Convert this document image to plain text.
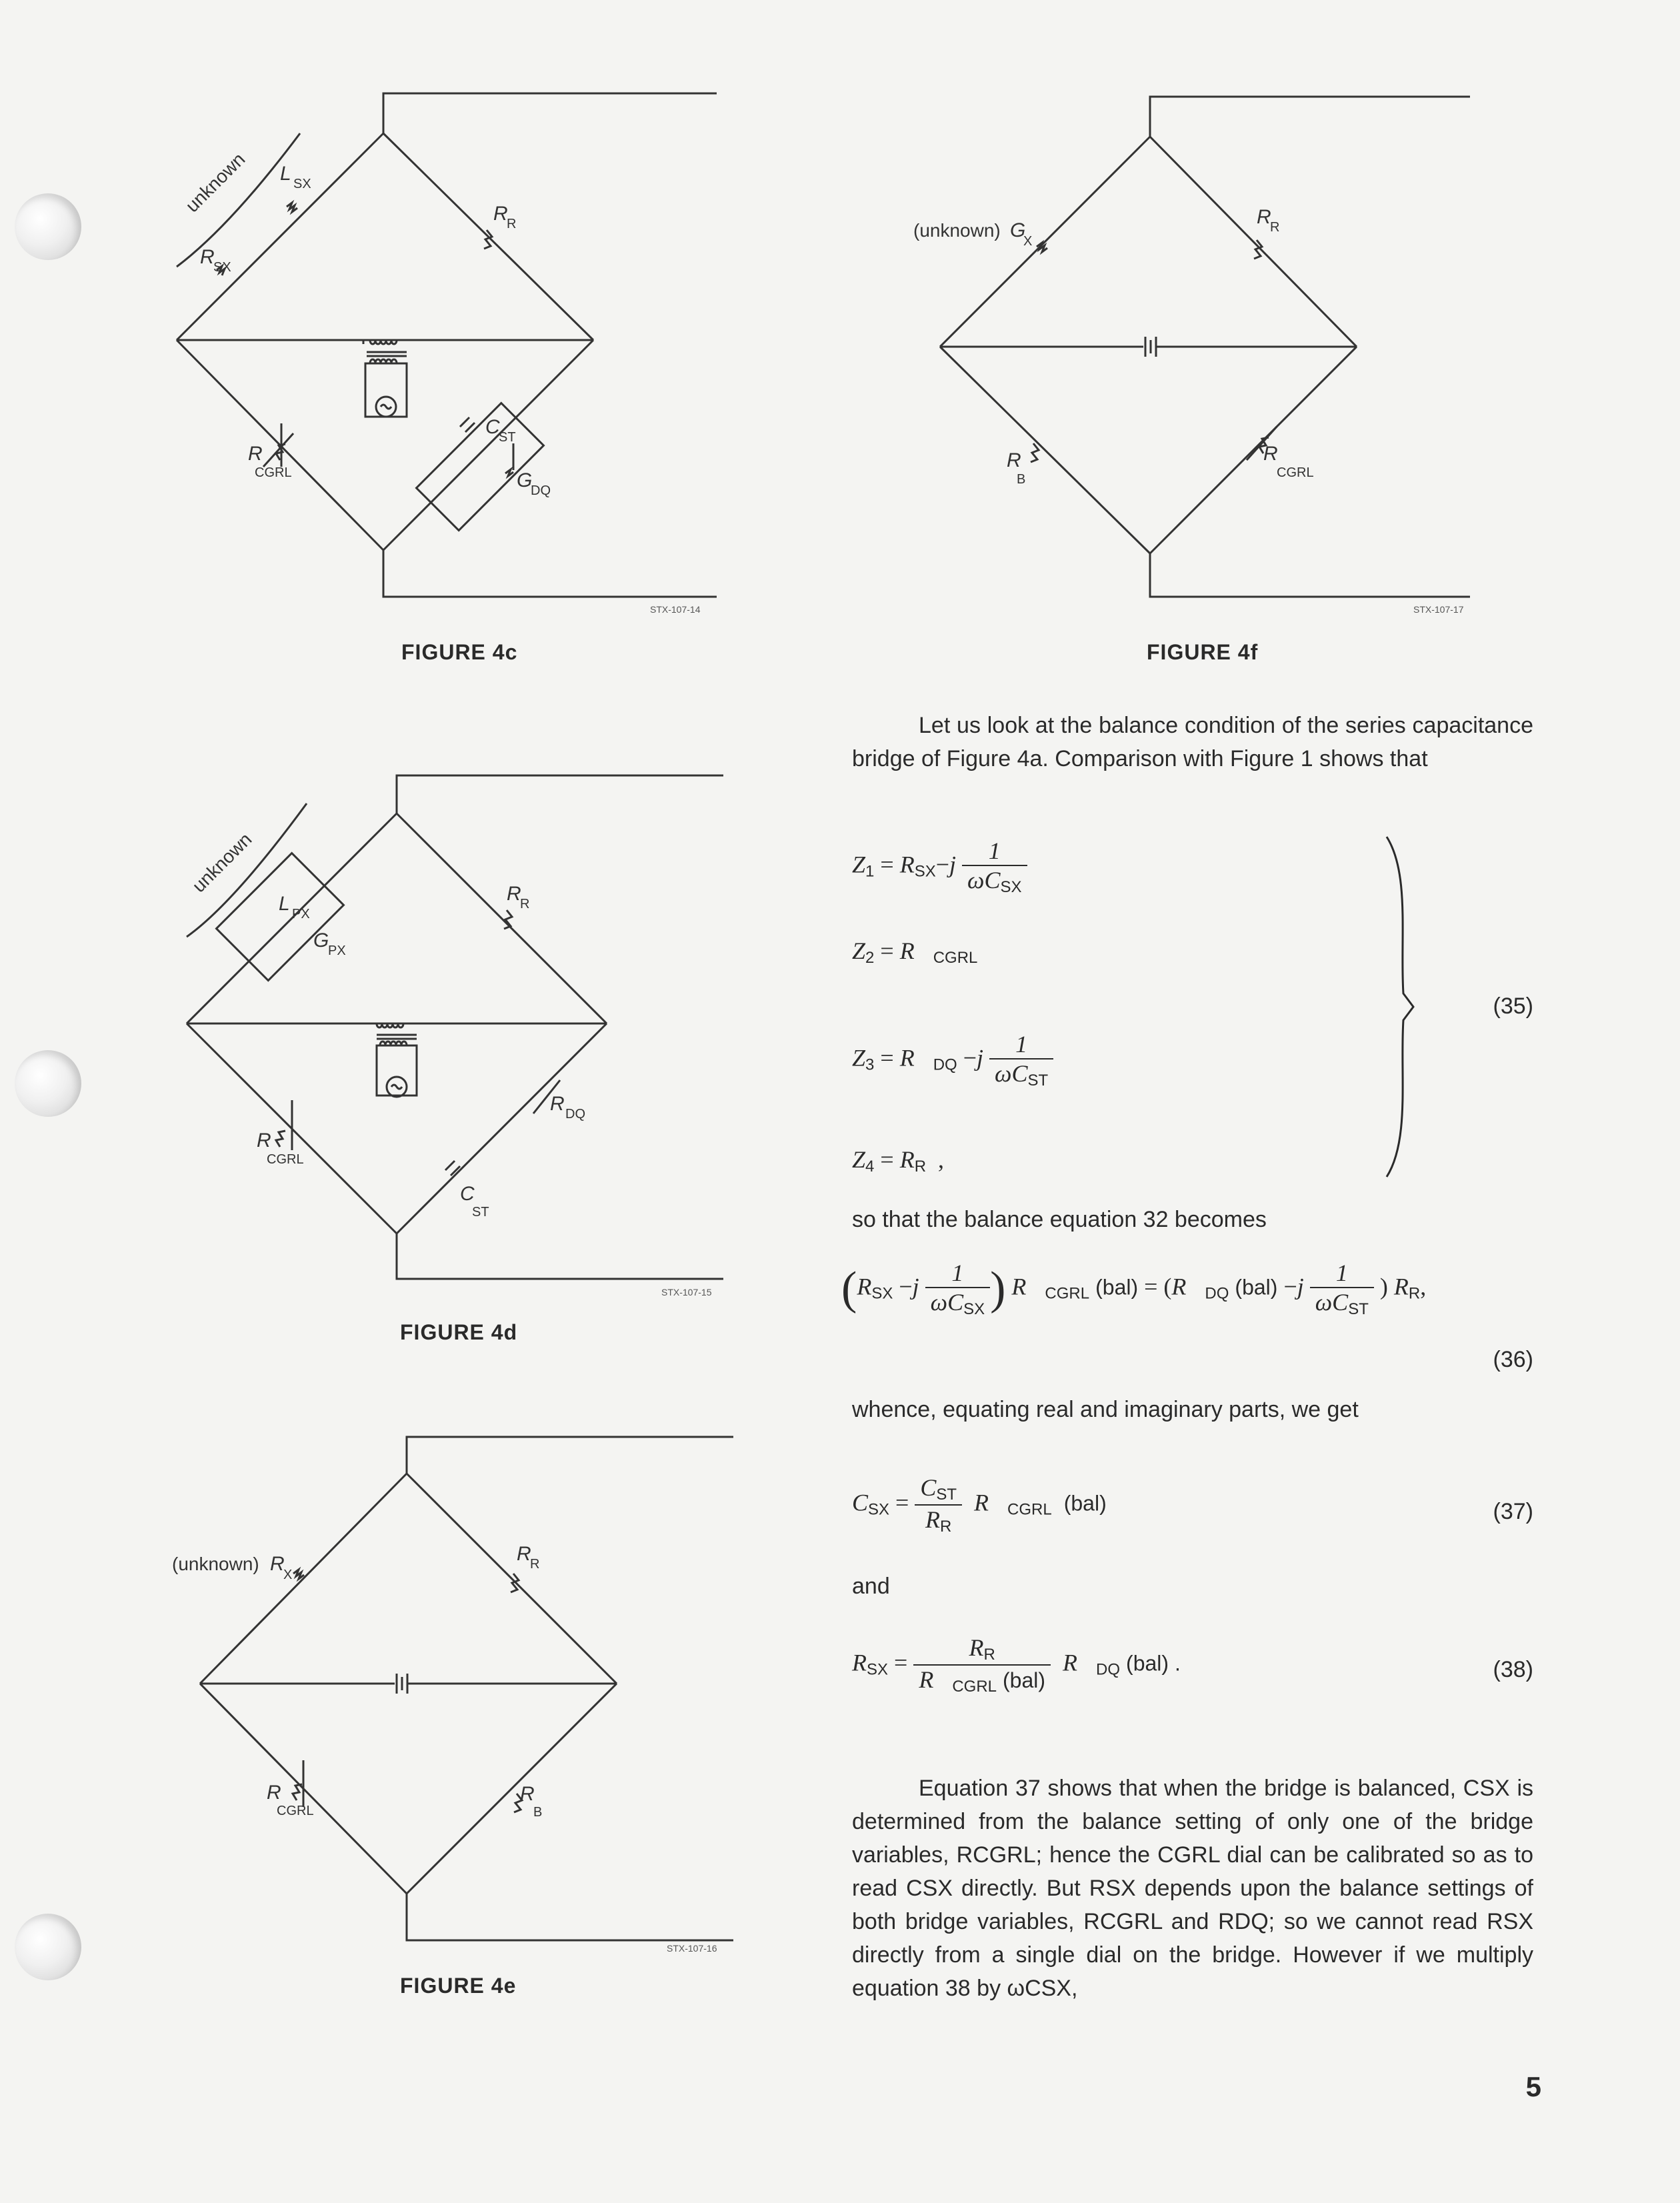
unknown L SX
R
R
R
SX
R
CGRL
C
ST
G
DQ
STX-107-14
FIGURE 4c
(unknown) G
X
R
R
R
B
R
CGRL
STX-107-17
FIGURE 4f
unknown
L PX
G
PX
R
R
R
CGRL
R DQ
C
ST
STX-107-15
FIGURE 4d
(unknown) R
X
R
R
R
CGRL
R
B
STX-107-16
FIGURE 4e
Let us look at the balance condition of the series capacitance bridge of Figure 4a. Comparison with Figure 1 shows that
$Z_1 = R_{SX}-j \frac{1}{\omega C_{SX}}$
$Z_2$ = $R⃗_{CGRL}$
$Z_3$ = $R⃗_{DQ} -j \frac{1}{\omega C_{ST}}$
$Z_4 = R_R$  ,
(35)
so that the balance equation 32 becomes
($R_{SX} -j \frac{1}{\omega C_{SX}}$ ) $R⃗_{CGRL}$ $(bal) = (R⃗_{DQ}$ $(bal) -j \frac{1}{\omega C_{ST}}$ ) $R_R$,
(36)
whence, equating real and imaginary parts, we get
$C_{SX} = \frac{C_{ST}}{R_R}$ $R⃗_{CGRL}$ (bal)	(37)
and
$R_{SX} = \frac{R_R}{R⃗_{CGRL} (bal)}$ $R⃗_{DQ}$ (bal) .	(38)
Equation 37 shows that when the bridge is balanced, CSX is determined from the balance setting of only one of the bridge variables, RCGRL; hence the CGRL dial can be calibrated so as to read CSX directly. But RSX depends upon the balance settings of both bridge variables, RCGRL and RDQ; so we cannot read RSX directly from a single dial on the bridge. However if we multiply equation 38 by ωCSX,
5
